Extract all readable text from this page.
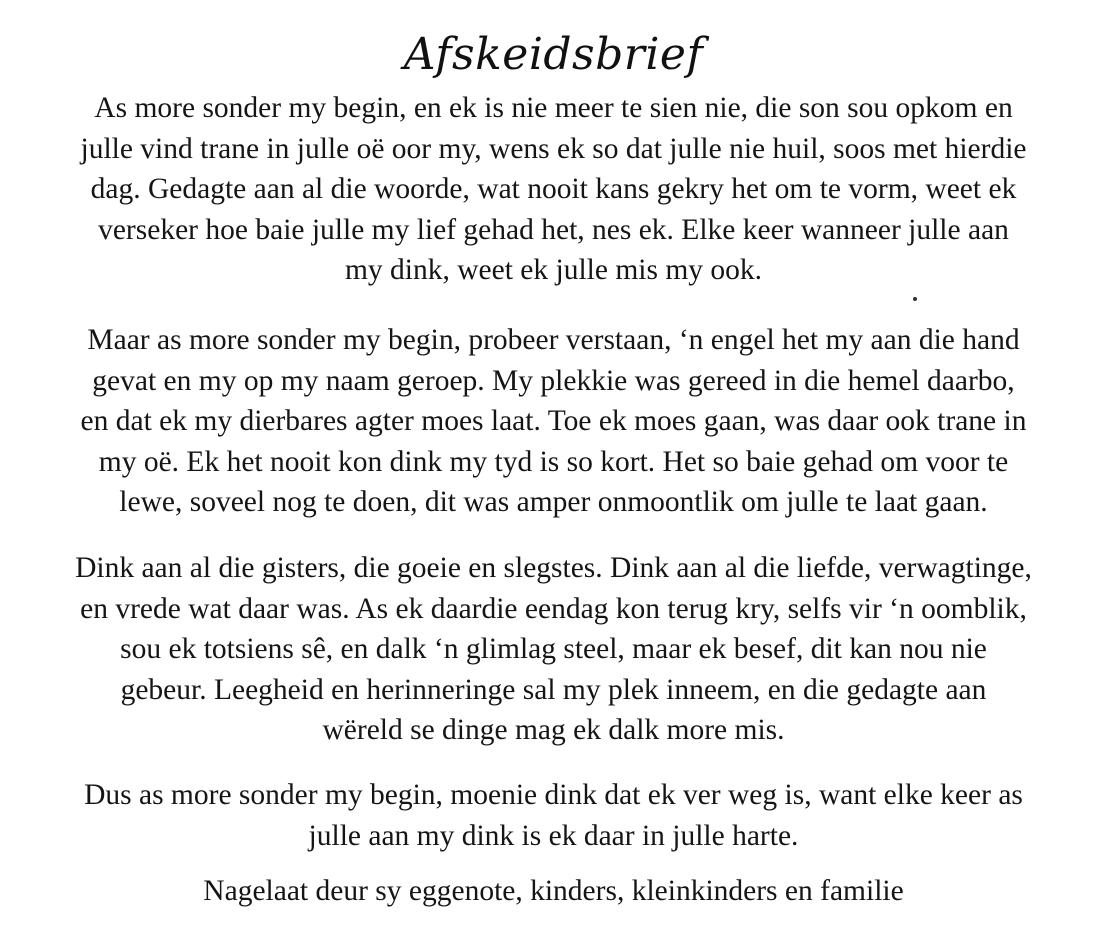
Afskeidsbrief

As more sonder my begin, en ek is nie meer te sien nie, die son sou opkom en
julle vind trane in julle oë oor my, wens ek so dat julle nie huil, soos met hierdie
dag. Gedagte aan al die woorde, wat nooit kans gekry het om te vorm, weet ek
verseker hoe baie julle my lief gehad het, nes ek. Elke keer wanneer julle aan
my dink, weet ek julle mis my ook.

Maar as more sonder my begin, probeer verstaan, ‘n engel het my aan die hand
gevat en my op my naam geroep. My plekkie was gereed in die hemel daarbo,
en dat ek my dierbares agter moes laat. Toe ek moes gaan, was daar ook trane in
my oë. Ek het nooit kon dink my tyd is so kort. Het so baie gehad om voor te
lewe, soveel nog te doen, dit was amper onmoontlik om julle te laat gaan.

Dink aan al die gisters, die goeie en slegstes. Dink aan al die liefde, verwagtinge,
en vrede wat daar was. As ek daardie eendag kon terug kry, selfs vir ‘n oomblik,
sou ek totsiens sê, en dalk ‘n glimlag steel, maar ek besef, dit kan nou nie
gebeur. Leegheid en herinneringe sal my plek inneem, en die gedagte aan
wëreld se dinge mag ek dalk more mis.

Dus as more sonder my begin, moenie dink dat ek ver weg is, want elke keer as
julle aan my dink is ek daar in julle harte.

Nagelaat deur sy eggenote, kinders, kleinkinders en familie
